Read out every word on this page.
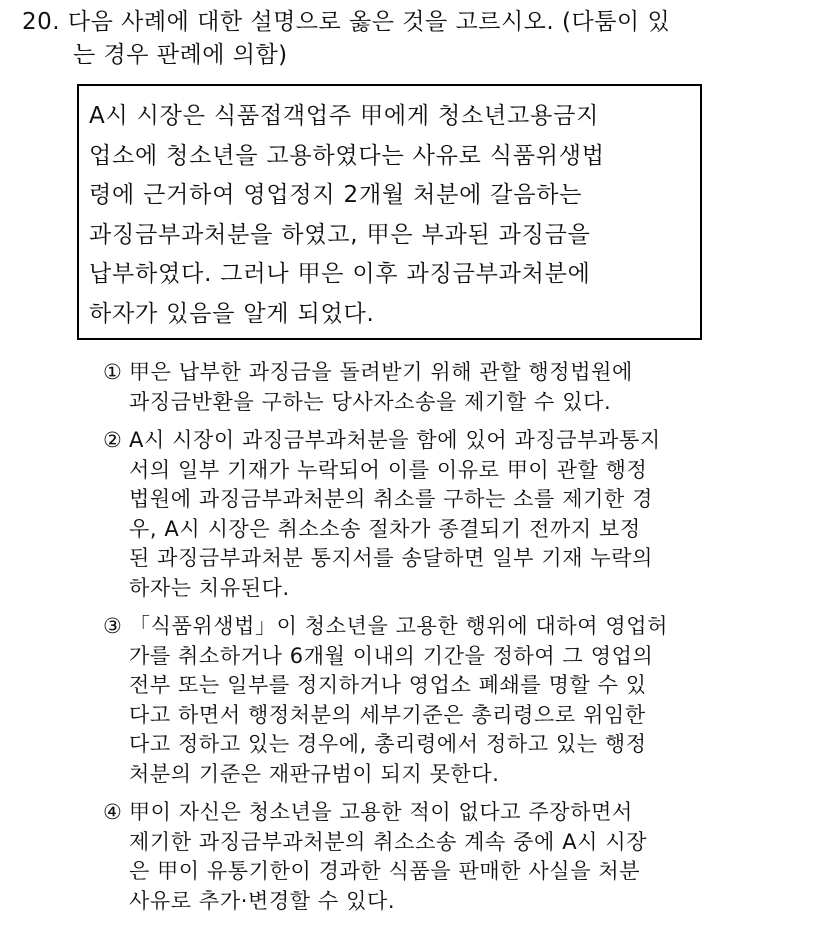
20. 다음 사례에 대한 설명으로 옳은 것을 고르시오. (다툼이 있
는 경우 판례에 의함)
A시 시장은 식품접객업주 甲에게 청소년고용금지
업소에 청소년을 고용하였다는 사유로 식품위생법
령에 근거하여 영업정지 2개월 처분에 갈음하는
과징금부과처분을 하였고, 甲은 부과된 과징금을
납부하였다. 그러나 甲은 이후 과징금부과처분에
하자가 있음을 알게 되었다.
① 甲은 납부한 과징금을 돌려받기 위해 관할 행정법원에
과징금반환을 구하는 당사자소송을 제기할 수 있다.
② A시 시장이 과징금부과처분을 함에 있어 과징금부과통지
서의 일부 기재가 누락되어 이를 이유로 甲이 관할 행정
법원에 과징금부과처분의 취소를 구하는 소를 제기한 경
우, A시 시장은 취소소송 절차가 종결되기 전까지 보정
된 과징금부과처분 통지서를 송달하면 일부 기재 누락의
하자는 치유된다.
③ 「식품위생법」이 청소년을 고용한 행위에 대하여 영업허
가를 취소하거나 6개월 이내의 기간을 정하여 그 영업의
전부 또는 일부를 정지하거나 영업소 폐쇄를 명할 수 있
다고 하면서 행정처분의 세부기준은 총리령으로 위임한
다고 정하고 있는 경우에, 총리령에서 정하고 있는 행정
처분의 기준은 재판규범이 되지 못한다.
④ 甲이 자신은 청소년을 고용한 적이 없다고 주장하면서
제기한 과징금부과처분의 취소소송 계속 중에 A시 시장
은 甲이 유통기한이 경과한 식품을 판매한 사실을 처분
사유로 추가·변경할 수 있다.
